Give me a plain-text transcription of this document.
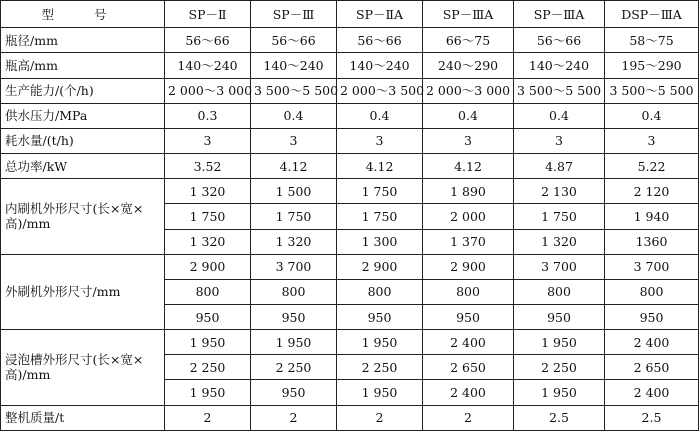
型 号	SP－Ⅱ	SP－Ⅲ	SP－ⅡA	SP－ⅢA	SP－ⅢA	DSP－ⅢA
瓶径/mm	56～66	56～66	56～66	66～75	56～66	58～75
瓶高/mm	140～240	140～240	140～240	240～290	140～240	195～290
生产能力/(个/h)	2 000～3 000	3 500～5 500	2 000～3 500	2 000～3 000	3 500～5 500	3 500～5 500
供水压力/MPa	0.3	0.4	0.4	0.4	0.4	0.4
耗水量/(t/h)	3	3	3	3	3	3
总功率/kW	3.52	4.12	4.12	4.12	4.87	5.22
内刷机外形尺寸(长×宽×高)/mm	1 320	1 500	1 750	1 890	2 130	2 120
	1 750	1 750	1 750	2 000	1 750	1 940
	1 320	1 320	1 300	1 370	1 320	1360
外刷机外形尺寸/mm	2 900	3 700	2 900	2 900	3 700	3 700
	800	800	800	800	800	800
	950	950	950	950	950	950
浸泡槽外形尺寸(长×宽×高)/mm	1 950	1 950	1 950	2 400	1 950	2 400
	2 250	2 250	2 250	2 650	2 250	2 650
	1 950	950	1 950	2 400	1 950	2 400
整机质量/t	2	2	2	2	2.5	2.5
